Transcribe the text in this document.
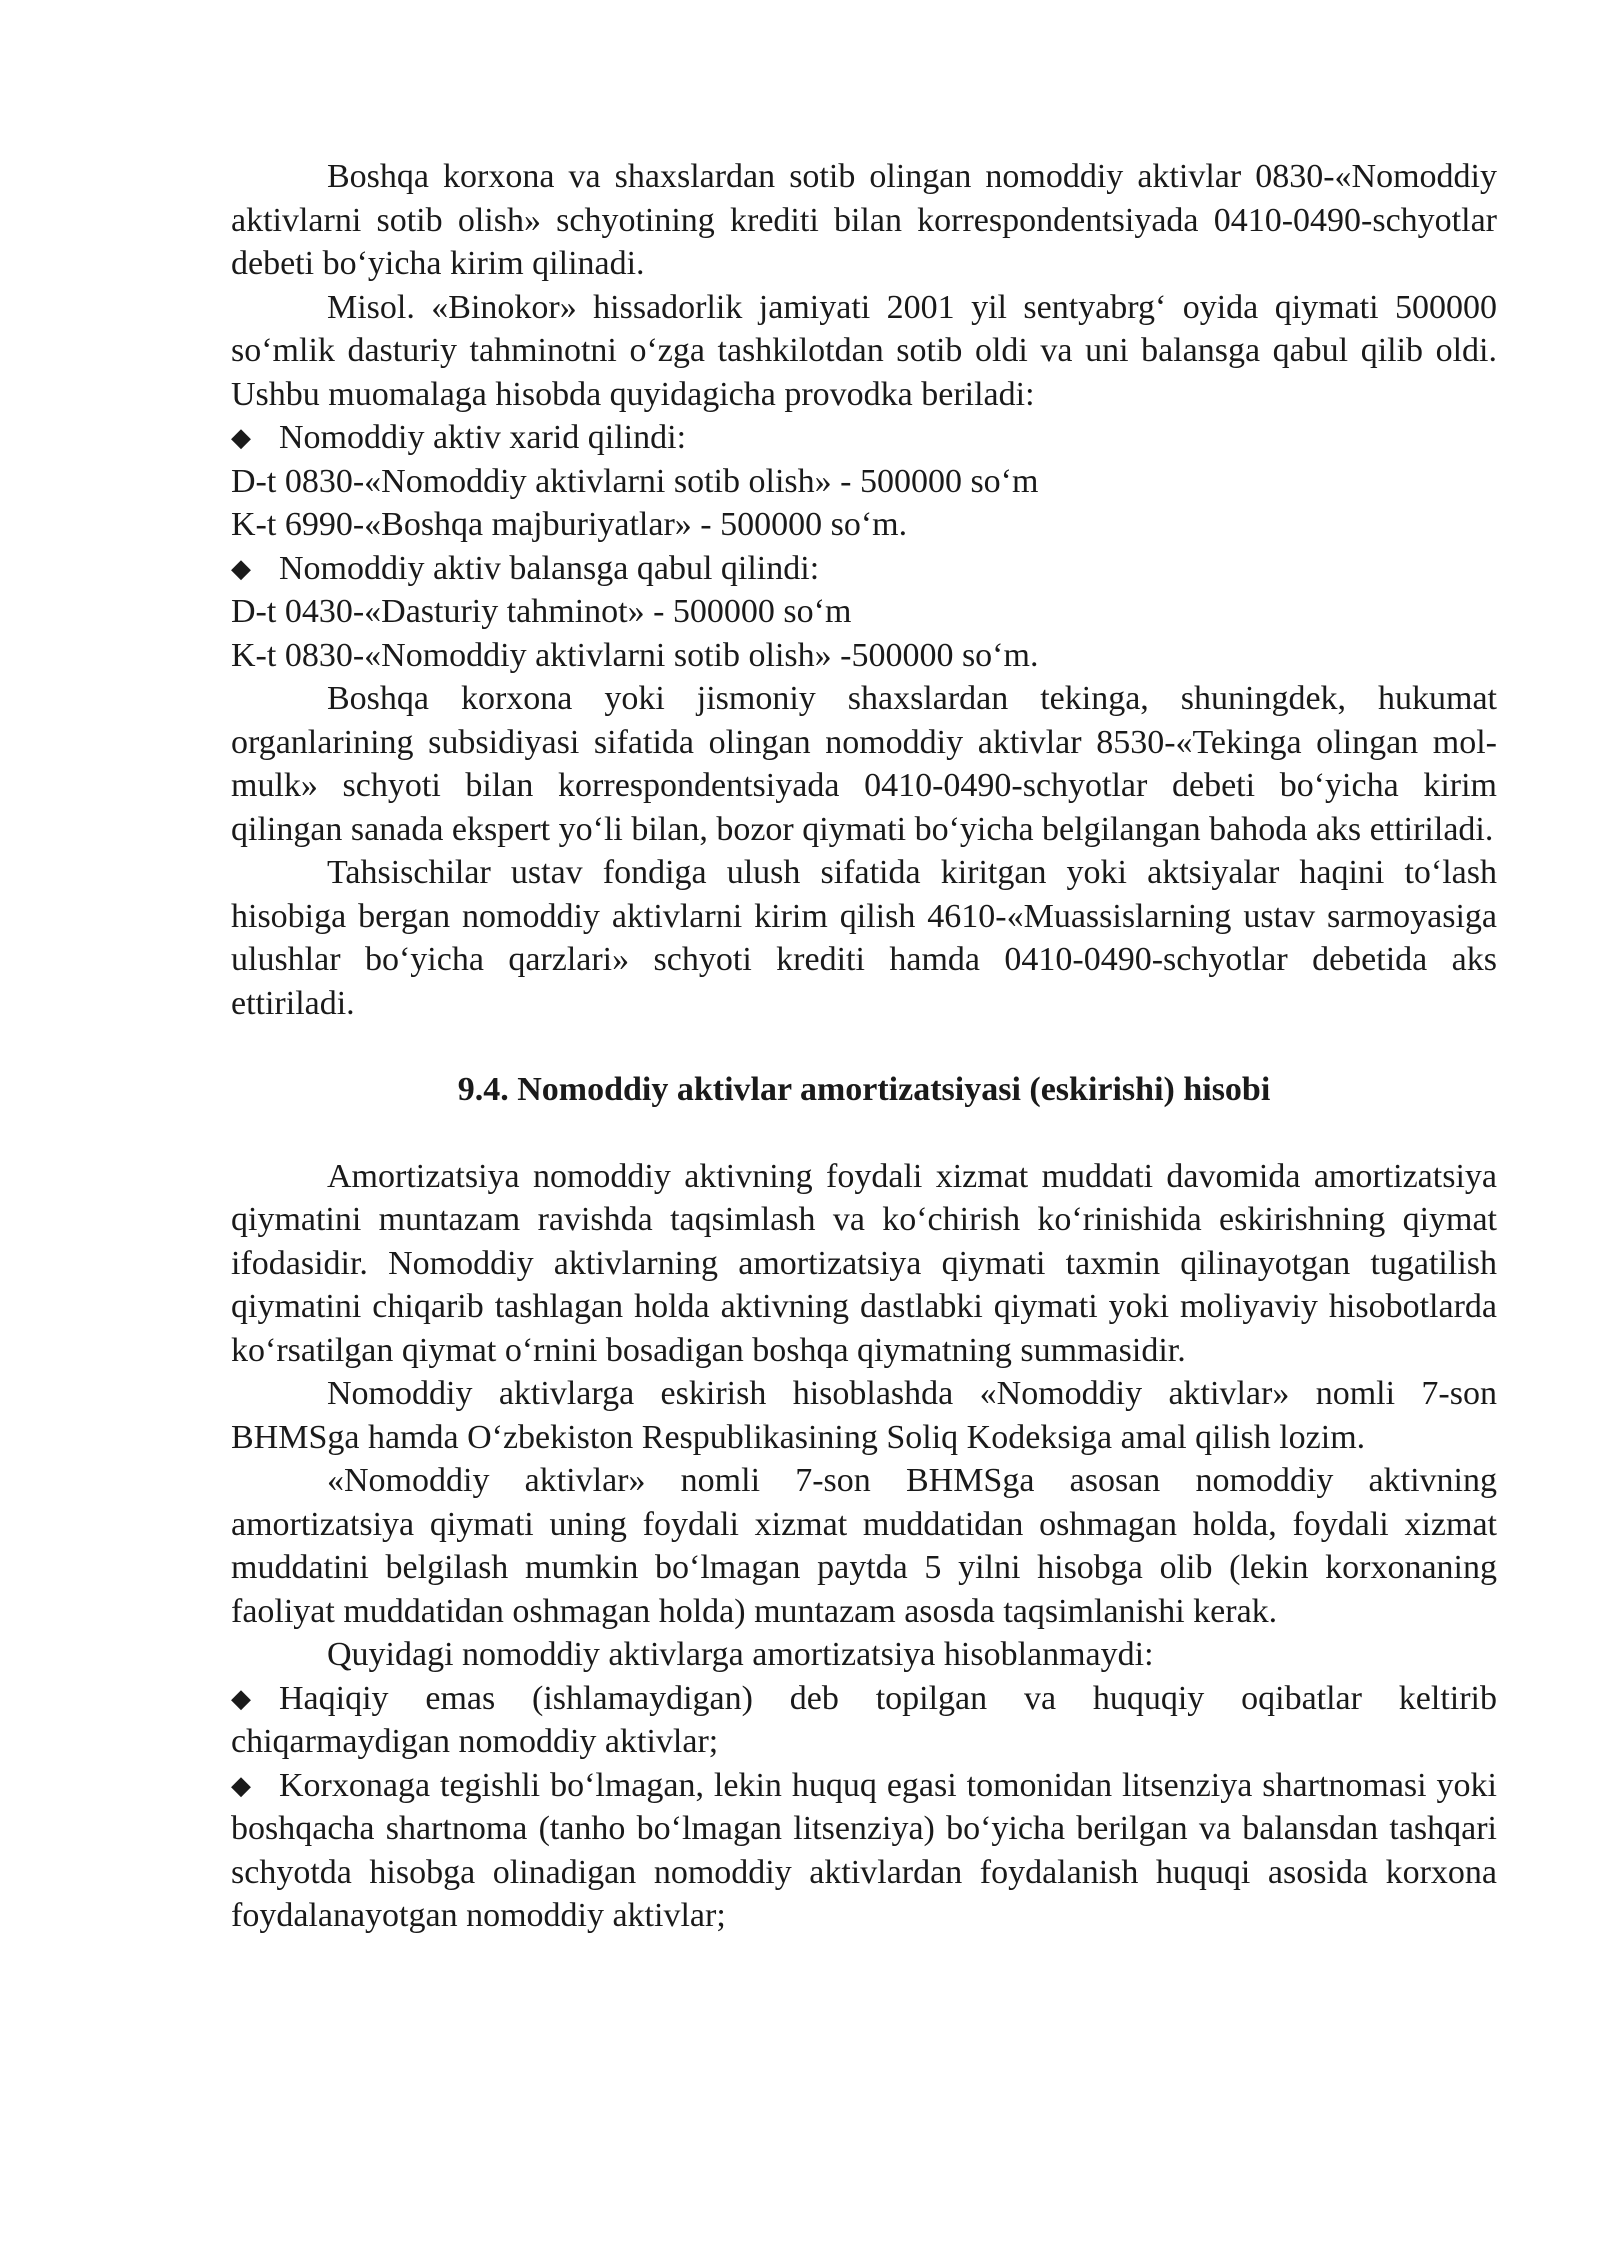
Boshqa korxona va shaxslardan sotib olingan nomoddiy aktivlar 0830-«Nomoddiy aktivlarni sotib olish» schyotining krediti bilan korrespondentsiyada 0410-0490-schyotlar debeti boʻyicha kirim qilinadi.

Misol. «Binokor» hissadorlik jamiyati 2001 yil sentyabrgʻ oyida qiymati 500000 soʻmlik dasturiy tahminotni oʻzga tashkilotdan sotib oldi va uni balansga qabul qilib oldi. Ushbu muomalaga hisobda quyidagicha provodka beriladi:

◆ Nomoddiy aktiv xarid qilindi:

D-t 0830-«Nomoddiy aktivlarni sotib olish» - 500000 soʻm

K-t 6990-«Boshqa majburiyatlar» - 500000 soʻm.

◆ Nomoddiy aktiv balansga qabul qilindi:

D-t 0430-«Dasturiy tahminot» - 500000 soʻm

K-t 0830-«Nomoddiy aktivlarni sotib olish» -500000 soʻm.

Boshqa korxona yoki jismoniy shaxslardan tekinga, shuningdek, hukumat organlarining subsidiyasi sifatida olingan nomoddiy aktivlar 8530-«Tekinga olingan mol-mulk» schyoti bilan korrespondentsiyada 0410-0490-schyotlar debeti boʻyicha kirim qilingan sanada ekspert yoʻli bilan, bozor qiymati boʻyicha belgilangan bahoda aks ettiriladi.

Tahsischilar ustav fondiga ulush sifatida kiritgan yoki aktsiyalar haqini toʻlash hisobiga bergan nomoddiy aktivlarni kirim qilish 4610-«Muassislarning ustav sarmoyasiga ulushlar boʻyicha qarzlari» schyoti krediti hamda 0410-0490-schyotlar debetida aks ettiriladi.

9.4. Nomoddiy aktivlar amortizatsiyasi (eskirishi) hisobi

Amortizatsiya nomoddiy aktivning foydali xizmat muddati davomida amortizatsiya qiymatini muntazam ravishda taqsimlash va koʻchirish koʻrinishida eskirishning qiymat ifodasidir. Nomoddiy aktivlarning amortizatsiya qiymati taxmin qilinayotgan tugatilish qiymatini chiqarib tashlagan holda aktivning dastlabki qiymati yoki moliyaviy hisobotlarda koʻrsatilgan qiymat oʻrnini bosadigan boshqa qiymatning summasidir.

Nomoddiy aktivlarga eskirish hisoblashda «Nomoddiy aktivlar» nomli 7-son BHMSga hamda Oʻzbekiston Respublikasining Soliq Kodeksiga amal qilish lozim.

«Nomoddiy aktivlar» nomli 7-son BHMSga asosan nomoddiy aktivning amortizatsiya qiymati uning foydali xizmat muddatidan oshmagan holda, foydali xizmat muddatini belgilash mumkin boʻlmagan paytda 5 yilni hisobga olib (lekin korxonaning faoliyat muddatidan oshmagan holda) muntazam asosda taqsimlanishi kerak.

Quyidagi nomoddiy aktivlarga amortizatsiya hisoblanmaydi:

◆ Haqiqiy emas (ishlamaydigan) deb topilgan va huquqiy oqibatlar keltirib chiqarmaydigan nomoddiy aktivlar;

◆ Korxonaga tegishli boʻlmagan, lekin huquq egasi tomonidan litsenziya shartnomasi yoki boshqacha shartnoma (tanho boʻlmagan litsenziya) boʻyicha berilgan va balansdan tashqari schyotda hisobga olinadigan nomoddiy aktivlardan foydalanish huquqi asosida korxona foydalanayotgan nomoddiy aktivlar;
